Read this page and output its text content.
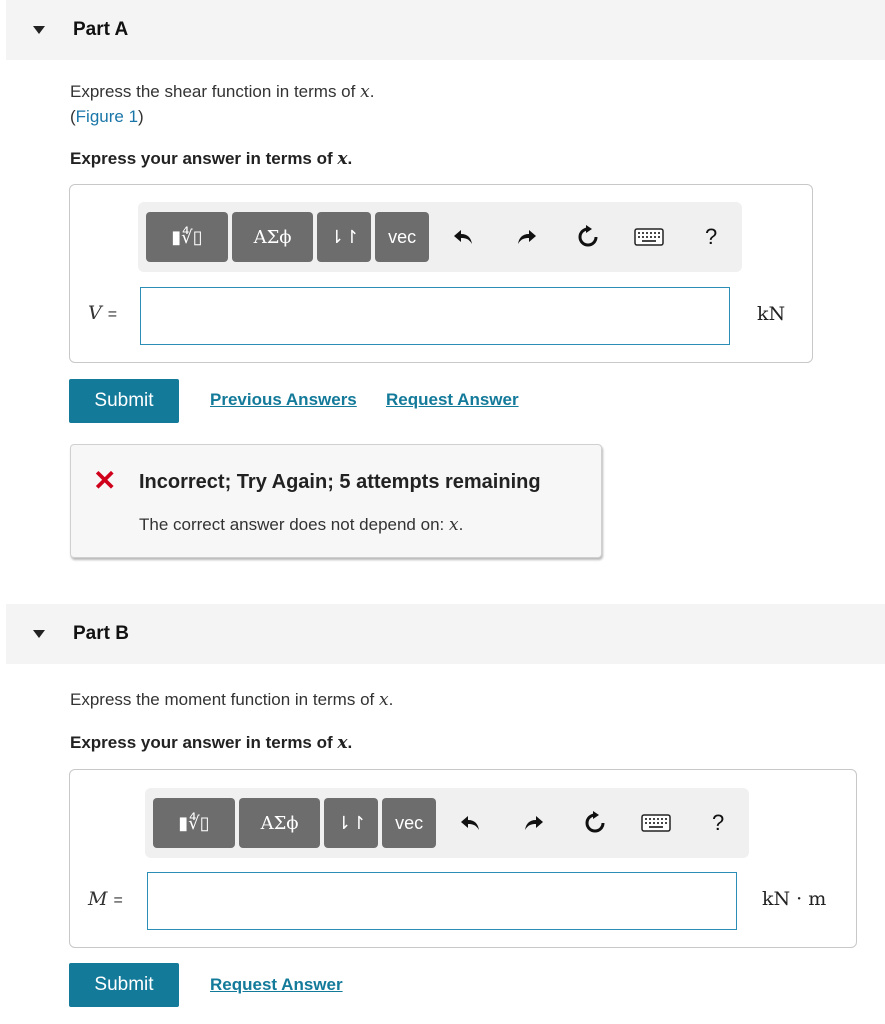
Part A
Express the shear function in terms of x.
(Figure 1)
Express your answer in terms of x.
▮∜▯	ΑΣϕ ⇂↾ vec	?
V =	kN
Submit	Previous Answers Request Answer
✕ Incorrect; Try Again; 5 attempts remaining
The correct answer does not depend on: x.
Part B
Express the moment function in terms of x.
Express your answer in terms of x.
▮∜▯	ΑΣϕ ⇂↾ vec	?
M =	kN · m
Submit	Request Answer
